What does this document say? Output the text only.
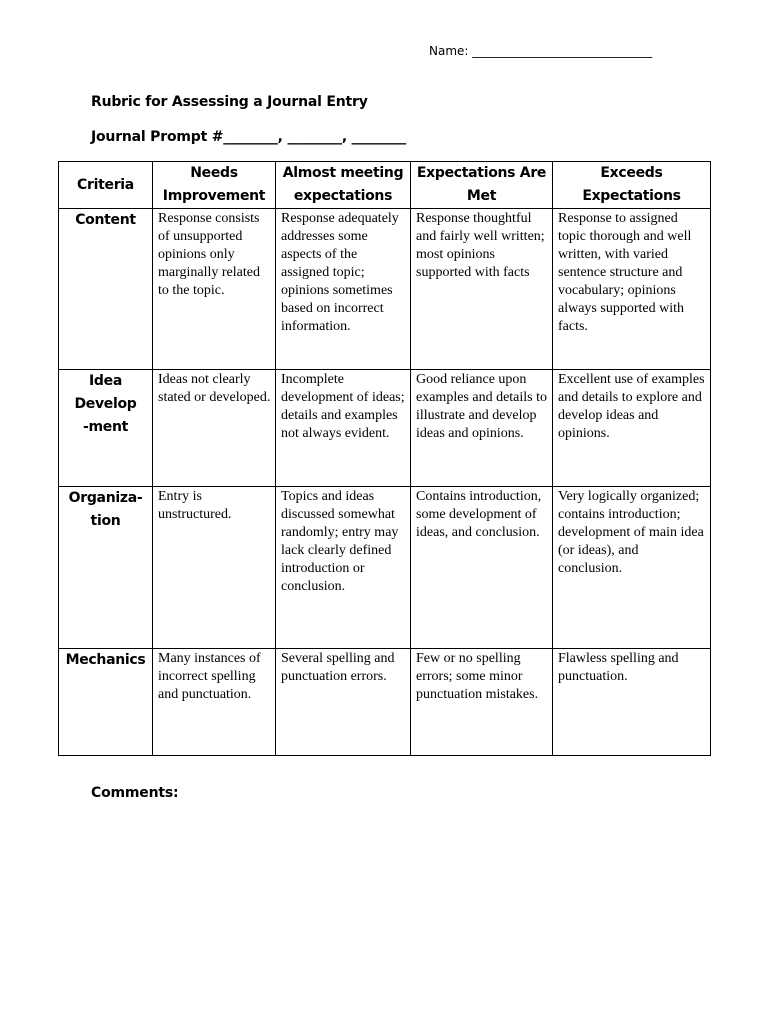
Name: ______________________________
Rubric for Assessing a Journal Entry
Journal Prompt #________, ________, ________
Criteria	Needs Improvement	Almost meeting expectations	Expectations Are Met	Exceeds Expectations
Content	Response consists of unsupported opinions only marginally related to the topic.	Response adequately addresses some aspects of the assigned topic; opinions sometimes based on incorrect information.	Response thoughtful and fairly well written; most opinions supported with facts	Response to assigned topic thorough and well written, with varied sentence structure and vocabulary; opinions always supported with facts.

Idea Develop-ment	Ideas not clearly stated or developed.	Incomplete development of ideas; details and examples not always evident.	Good reliance upon examples and details to illustrate and develop ideas and opinions.	Excellent use of examples and details to explore and develop ideas and opinions.

Organiza-tion	Entry is unstructured.	Topics and ideas discussed somewhat randomly; entry may lack clearly defined introduction or conclusion.	Contains introduction, some development of ideas, and conclusion.	Very logically organized; contains introduction; development of main idea (or ideas), and conclusion.
Mechanics	Many instances of incorrect spelling and punctuation.	Several spelling and punctuation errors.	Few or no spelling errors; some minor punctuation mistakes.	Flawless spelling and punctuation.
Comments:
